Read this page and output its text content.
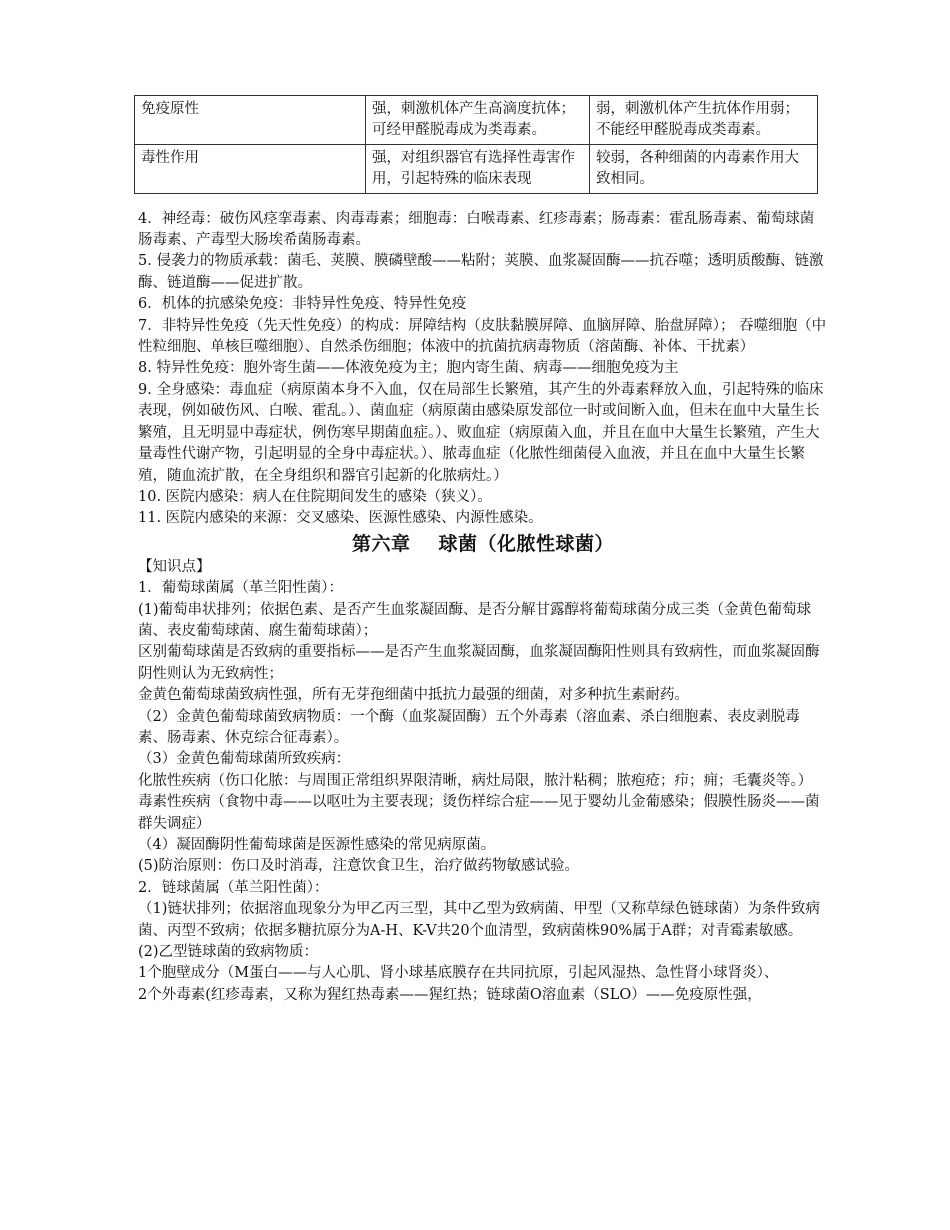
免疫原性	强，刺激机体产生高滴度抗体；可经甲醛脱毒成为类毒素。	弱，刺激机体产生抗体作用弱；不能经甲醛脱毒成类毒素。
毒性作用	强，对组织器官有选择性毒害作用，引起特殊的临床表现	较弱，各种细菌的内毒素作用大致相同。

4．神经毒：破伤风痉挛毒素、肉毒毒素；细胞毒：白喉毒素、红疹毒素；肠毒素：霍乱肠毒素、葡萄球菌肠毒素、产毒型大肠埃希菌肠毒素。

5. 侵袭力的物质承载：菌毛、荚膜、膜磷壁酸——粘附；荚膜、血浆凝固酶——抗吞噬；透明质酸酶、链激酶、链道酶——促进扩散。

6．机体的抗感染免疫：非特异性免疫、特异性免疫

7．非特异性免疫（先天性免疫）的构成：屏障结构（皮肤黏膜屏障、血脑屏障、胎盘屏障）； 吞噬细胞（中性粒细胞、单核巨噬细胞）、自然杀伤细胞；体液中的抗菌抗病毒物质（溶菌酶、补体、干扰素）

8. 特异性免疫：胞外寄生菌——体液免疫为主；胞内寄生菌、病毒——细胞免疫为主

9. 全身感染：毒血症（病原菌本身不入血，仅在局部生长繁殖，其产生的外毒素释放入血，引起特殊的临床表现，例如破伤风、白喉、霍乱。）、菌血症（病原菌由感染原发部位一时或间断入血，但未在血中大量生长繁殖，且无明显中毒症状，例伤寒早期菌血症。）、败血症（病原菌入血，并且在血中大量生长繁殖，产生大量毒性代谢产物，引起明显的全身中毒症状。）、脓毒血症（化脓性细菌侵入血液，并且在血中大量生长繁殖，随血流扩散，在全身组织和器官引起新的化脓病灶。）

10. 医院内感染：病人在住院期间发生的感染（狭义）。

11. 医院内感染的来源：交叉感染、医源性感染、内源性感染。

第六章 球菌（化脓性球菌）

【知识点】

1．葡萄球菌属（革兰阳性菌）：

(1)葡萄串状排列；依据色素、是否产生血浆凝固酶、是否分解甘露醇将葡萄球菌分成三类（金黄色葡萄球菌、表皮葡萄球菌、腐生葡萄球菌）；

区别葡萄球菌是否致病的重要指标——是否产生血浆凝固酶，血浆凝固酶阳性则具有致病性，而血浆凝固酶阴性则认为无致病性；

金黄色葡萄球菌致病性强，所有无芽孢细菌中抵抗力最强的细菌，对多种抗生素耐药。

（2）金黄色葡萄球菌致病物质：一个酶（血浆凝固酶）五个外毒素（溶血素、杀白细胞素、表皮剥脱毒素、肠毒素、休克综合征毒素）。

（3）金黄色葡萄球菌所致疾病：

化脓性疾病（伤口化脓：与周围正常组织界限清晰，病灶局限，脓汁粘稠；脓疱疮；疖；痈；毛囊炎等。）

毒素性疾病（食物中毒——以呕吐为主要表现；烫伤样综合症——见于婴幼儿金葡感染；假膜性肠炎——菌群失调症）

（4）凝固酶阴性葡萄球菌是医源性感染的常见病原菌。

(5)防治原则：伤口及时消毒，注意饮食卫生，治疗做药物敏感试验。

2．链球菌属（革兰阳性菌）：

（1)链状排列；依据溶血现象分为甲乙丙三型，其中乙型为致病菌、甲型（又称草绿色链球菌）为条件致病菌、丙型不致病；依据多糖抗原分为A-H、K-V共20个血清型，致病菌株90%属于A群；对青霉素敏感。

(2)乙型链球菌的致病物质：

1个胞壁成分（M蛋白——与人心肌、肾小球基底膜存在共同抗原，引起风湿热、急性肾小球肾炎）、

2个外毒素(红疹毒素，又称为猩红热毒素——猩红热；链球菌O溶血素（SLO）——免疫原性强，
